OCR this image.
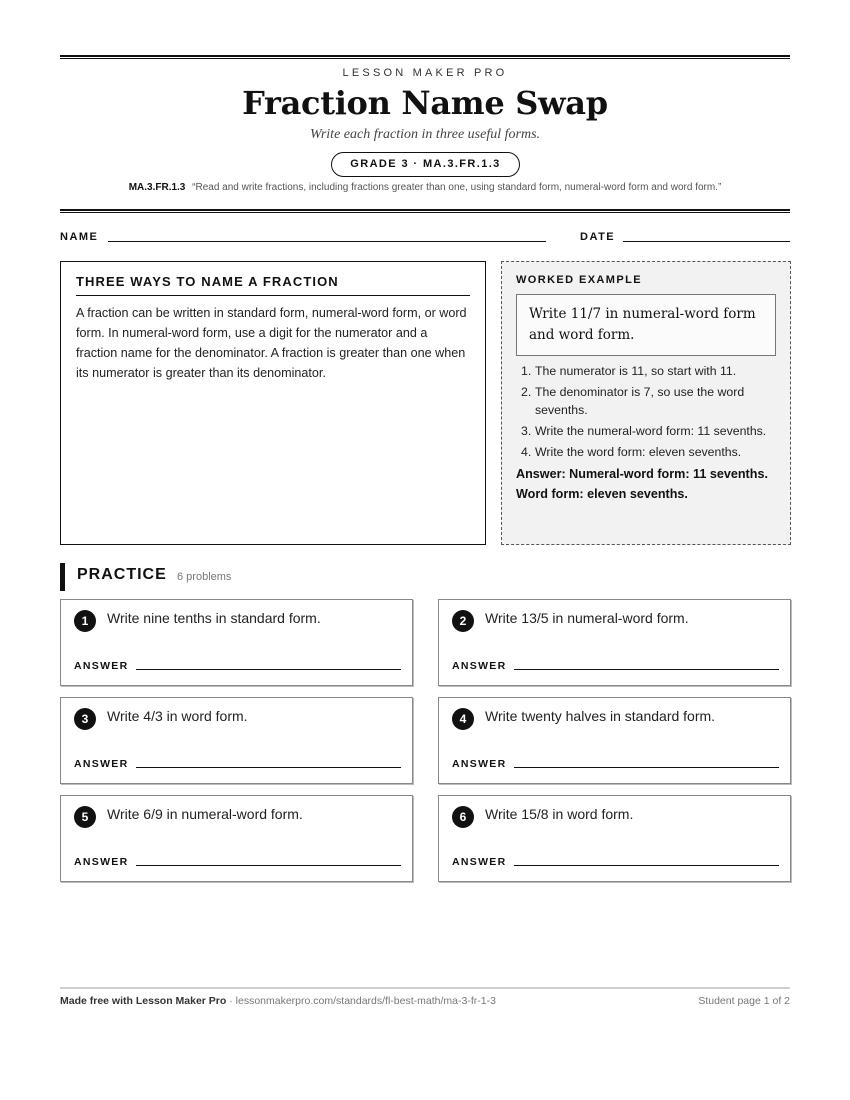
LESSON MAKER PRO
Fraction Name Swap
Write each fraction in three useful forms.
GRADE 3 · MA.3.FR.1.3
MA.3.FR.1.3 “Read and write fractions, including fractions greater than one, using standard form, numeral-word form and word form.”
NAME	DATE
THREE WAYS TO NAME A FRACTION
A fraction can be written in standard form, numeral-word form, or word form. In numeral-word form, use a digit for the numerator and a fraction name for the denominator. A fraction is greater than one when its numerator is greater than its denominator.
WORKED EXAMPLE
Write 11/7 in numeral-word form and word form.
1. The numerator is 11, so start with 11.
2. The denominator is 7, so use the word sevenths.
3. Write the numeral-word form: 11 sevenths.
4. Write the word form: eleven sevenths.
Answer: Numeral-word form: 11 sevenths. Word form: eleven sevenths.
PRACTICE 6 problems
1	Write nine tenths in standard form.
ANSWER
2	Write 13/5 in numeral-word form.
ANSWER
3	Write 4/3 in word form.
ANSWER
4	Write twenty halves in standard form.
ANSWER
5	Write 6/9 in numeral-word form.
ANSWER
6	Write 15/8 in word form.
ANSWER
Made free with Lesson Maker Pro · lessonmakerpro.com/standards/fl-best-math/ma-3-fr-1-3	Student page 1 of 2
